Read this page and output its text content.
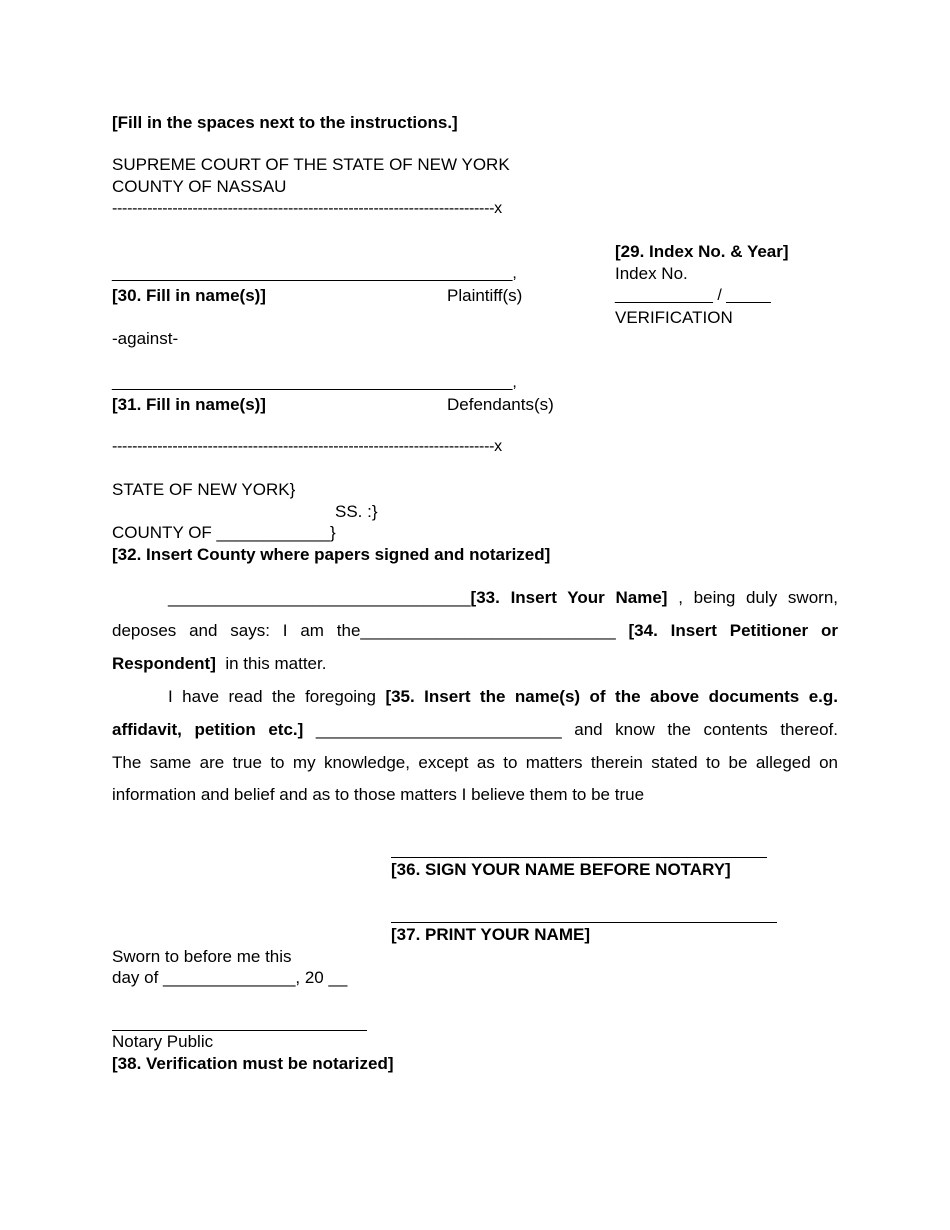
[Fill in the spaces next to the instructions.]
SUPREME COURT OF THE STATE OF NEW YORK
COUNTY OF NASSAU
----------------------------------------------------------------------------x
[29. Index No. & Year]
Index No.
___________ / _____
VERIFICATION
_____________________________________________,
[30. Fill in name(s)]	Plaintiff(s)
-against-
_____________________________________________,
[31. Fill in name(s)]	Defendants(s)
----------------------------------------------------------------------------x
STATE OF NEW YORK}
SS. :}
COUNTY OF ____________}
[32. Insert County where papers signed and notarized]
________________________________[33. Insert Your Name] , being duly sworn,
deposes and says: I am the___________________________ [34. Insert Petitioner or
Respondent] in this matter.
I have read the foregoing [35. Insert the name(s) of the above documents e.g.
affidavit, petition etc.] __________________________ and know the contents thereof.
The same are true to my knowledge, except as to matters therein stated to be alleged on
information and belief and as to those matters I believe them to be true
[36. SIGN YOUR NAME BEFORE NOTARY]
[37. PRINT YOUR NAME]
Sworn to before me this
day of ______________, 20 __
Notary Public
[38. Verification must be notarized]
